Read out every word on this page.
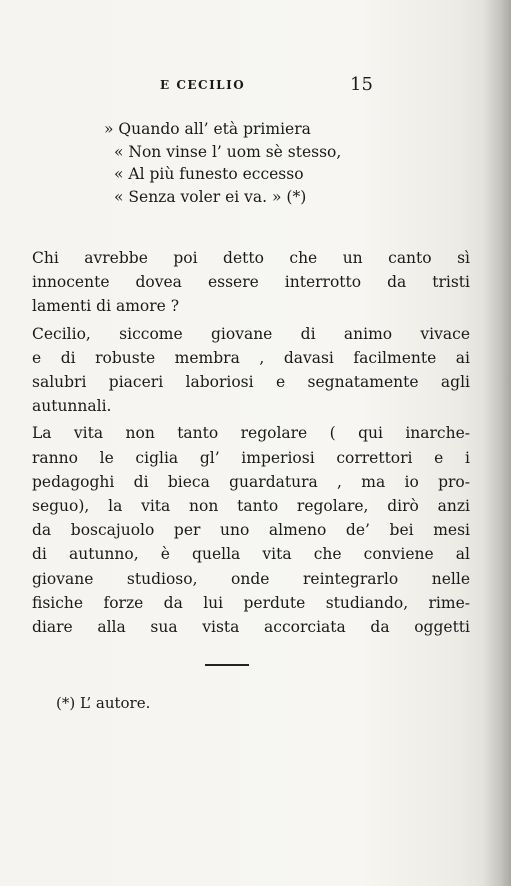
E CECILIO	15
» Quando all’ età primiera
« Non vinse l’ uom sè stesso,
« Al più funesto eccesso
« Senza voler ei va. » (*)

Chi avrebbe poi detto che un canto sì
innocente dovea essere interrotto da tristi
lamenti di amore ?

Cecilio, siccome giovane di animo vivace
e di robuste membra , davasi facilmente ai
salubri piaceri laboriosi e segnatamente agli
autunnali.

La vita non tanto regolare ( qui inarche-
ranno le ciglia gl’ imperiosi correttori e i
pedagoghi di bieca guardatura , ma io pro-
seguo), la vita non tanto regolare, dirò anzi
da boscajuolo per uno almeno de’ bei mesi
di autunno, è quella vita che conviene al
giovane studioso, onde reintegrarlo nelle
fisiche forze da lui perdute studiando, rime-
diare alla sua vista accorciata da oggetti

(*) L’ autore.
